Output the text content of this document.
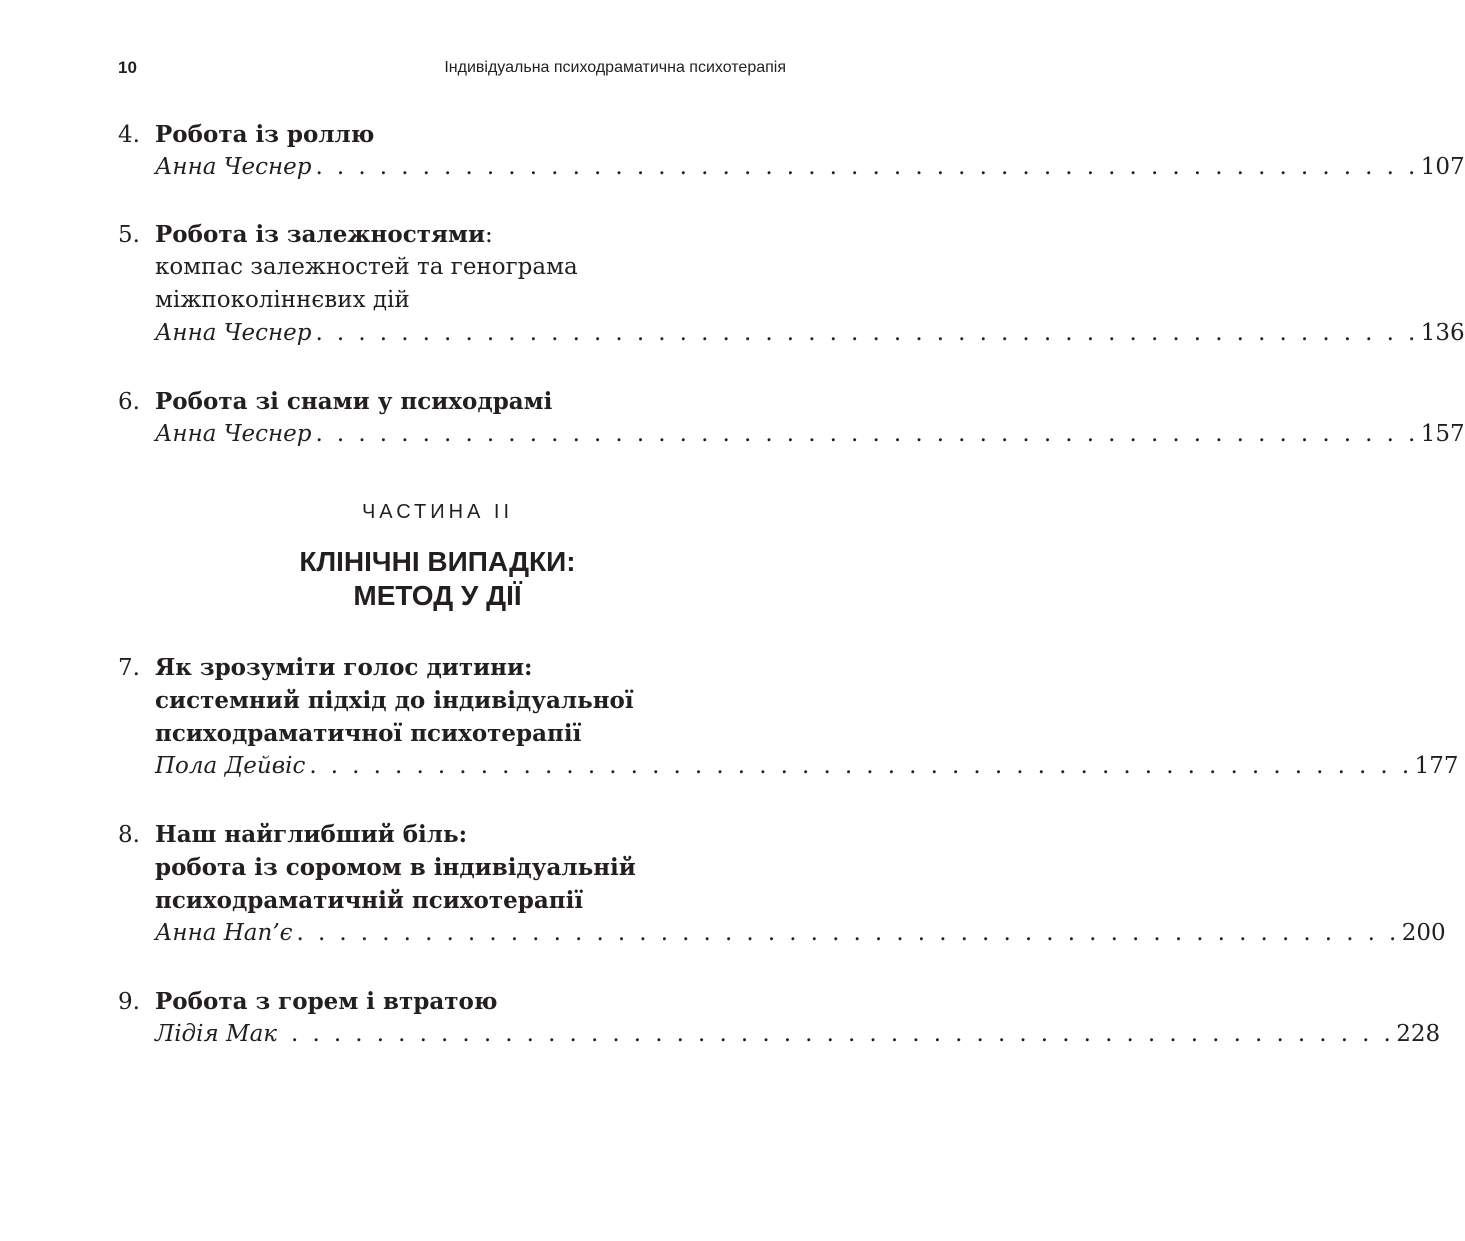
10	Індивідуальна психодраматична психотерапія
4. Робота із роллю
Анна Чеснер . . . . . . . . . . . . . . . . . . . . . . . . . . . . . . . . . . . . . . . . . . . . . . . . . . . . 107
5. Робота із залежностями:
компас залежностей та генограма
міжпоколіннєвих дій
Анна Чеснер . . . . . . . . . . . . . . . . . . . . . . . . . . . . . . . . . . . . . . . . . . . . . . . . . . . . 136
6. Робота зі снами у психодрамі
Анна Чеснер . . . . . . . . . . . . . . . . . . . . . . . . . . . . . . . . . . . . . . . . . . . . . . . . . . . . 157
ЧАСТИНА II
КЛІНІЧНІ ВИПАДКИ:
МЕТОД У ДІЇ
7. Як зрозуміти голос дитини:
системний підхід до індивідуальної
психодраматичної психотерапії
Пола Дейвіс . . . . . . . . . . . . . . . . . . . . . . . . . . . . . . . . . . . . . . . . . . . . . . . . . . . . 177
8. Наш найглибший біль:
робота із соромом в індивідуальній
психодраматичній психотерапії
Анна Нап’є . . . . . . . . . . . . . . . . . . . . . . . . . . . . . . . . . . . . . . . . . . . . . . . . . . . . 200
9. Робота з горем і втратою
Лідія Мак . . . . . . . . . . . . . . . . . . . . . . . . . . . . . . . . . . . . . . . . . . . . . . . . . . . . 228
